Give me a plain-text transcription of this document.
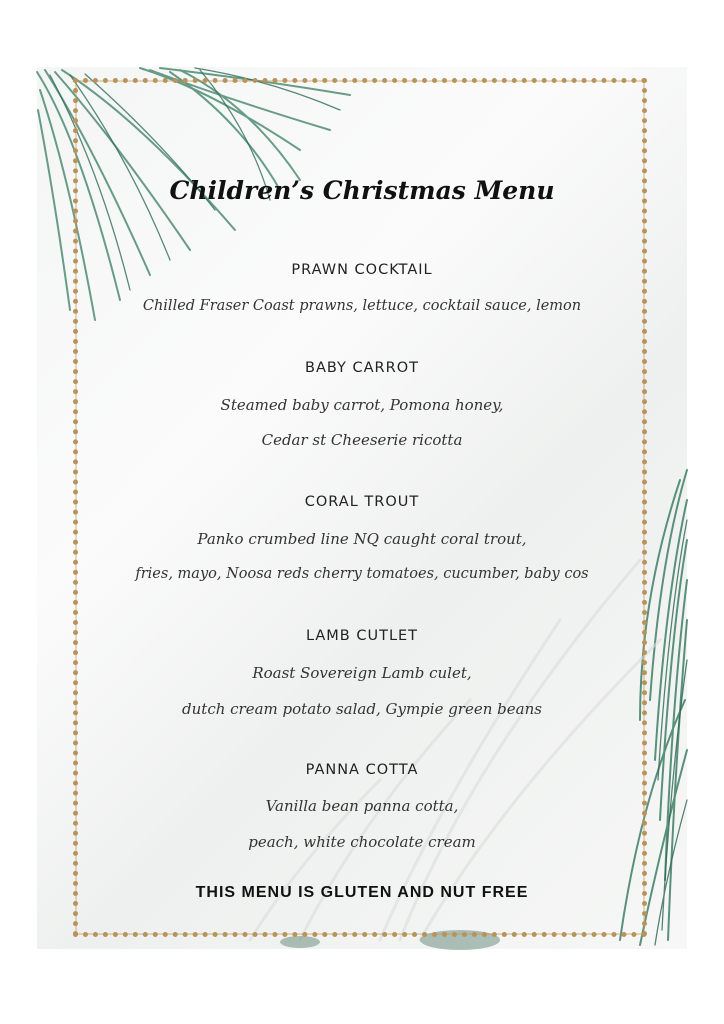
Children’s Christmas Menu
PRAWN COCKTAIL
Chilled Fraser Coast prawns, lettuce, cocktail sauce, lemon
BABY CARROT
Steamed baby carrot, Pomona honey,
Cedar st Cheeserie ricotta
CORAL TROUT
Panko crumbed line NQ caught coral trout,
fries, mayo, Noosa reds cherry tomatoes, cucumber, baby cos
LAMB CUTLET
Roast Sovereign Lamb culet,
dutch cream potato salad, Gympie green beans
PANNA COTTA
Vanilla bean panna cotta,
peach, white chocolate cream
THIS MENU IS GLUTEN AND NUT FREE
